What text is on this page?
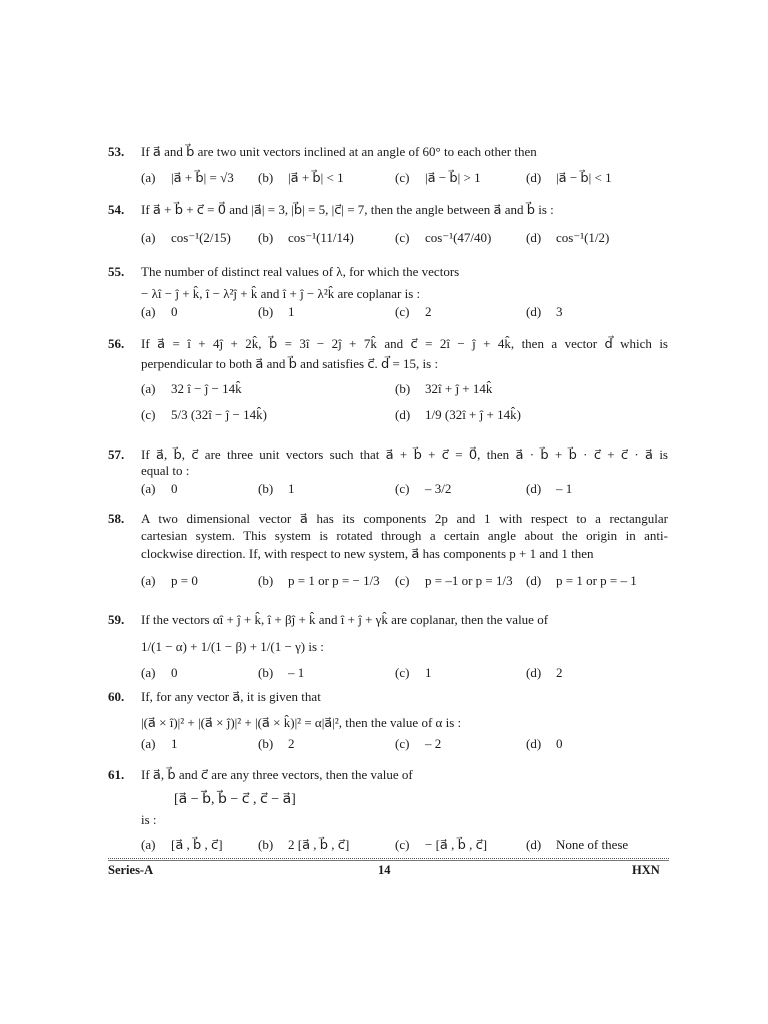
53. If a⃗ and b⃗ are two unit vectors inclined at an angle of 60° to each other then
(a) |a⃗ + b⃗| = √3 (b) |a⃗ + b⃗| < 1	(c) |a⃗ − b⃗| > 1	(d) |a⃗ − b⃗| < 1
54. If a⃗ + b⃗ + c⃗ = 0⃗ and |a⃗| = 3, |b⃗| = 5, |c⃗| = 7, then the angle between a⃗ and b⃗ is :
(a) cos⁻¹(2/15) (b) cos⁻¹(11/14)	(c) cos⁻¹(47/40)	(d) cos⁻¹(1/2)
55. The number of distinct real values of λ, for which the vectors
− λî − ĵ + k̂, î − λ²ĵ + k̂ and î + ĵ − λ²k̂ are coplanar is :
(a) 0	(b) 1	(c) 2	(d) 3
56. If a⃗ = î + 4ĵ + 2k̂, b⃗ = 3î − 2ĵ + 7k̂ and c⃗ = 2î − ĵ + 4k̂, then a vector d⃗ which is
perpendicular to both a⃗ and b⃗ and satisfies c⃗. d⃗ = 15, is :
(a) 32 î − ĵ − 14k̂	(b) 32î + ĵ + 14k̂
(c) 5/3 (32î − ĵ − 14k̂)	(d) 1/9 (32î + ĵ + 14k̂)
57. If a⃗, b⃗, c⃗ are three unit vectors such that a⃗ + b⃗ + c⃗ = 0⃗, then a⃗ · b⃗ + b⃗ · c⃗ + c⃗ · a⃗ is
equal to :
(a) 0	(b) 1	(c) – 3/2	(d) – 1
58. A two dimensional vector a⃗ has its components 2p and 1 with respect to a rectangular
cartesian system. This system is rotated through a certain angle about the origin in anti-
clockwise direction. If, with respect to new system, a⃗ has components p + 1 and 1 then
(a) p = 0	(b) p = 1 or p = − 1/3 (c) p = –1 or p = 1/3 (d) p = 1 or p = – 1
59. If the vectors αî + ĵ + k̂, î + βĵ + k̂ and î + ĵ + γk̂ are coplanar, then the value of
1/(1 − α) + 1/(1 − β) + 1/(1 − γ) is :
(a) 0	(b) – 1	(c) 1	(d) 2
60. If, for any vector a⃗, it is given that
|(a⃗ × î)|² + |(a⃗ × ĵ)|² + |(a⃗ × k̂)|² = α|a⃗|², then the value of α is :
(a) 1	(b) 2	(c) – 2	(d) 0
61. If a⃗, b⃗ and c⃗ are any three vectors, then the value of
[a⃗ − b⃗, b⃗ − c⃗ , c⃗ − a⃗]
is :
(a) [a⃗ , b⃗ , c⃗]	(b) 2 [a⃗ , b⃗ , c⃗]	(c) − [a⃗ , b⃗ , c⃗]	(d) None of these
Series-A	14	HXN
